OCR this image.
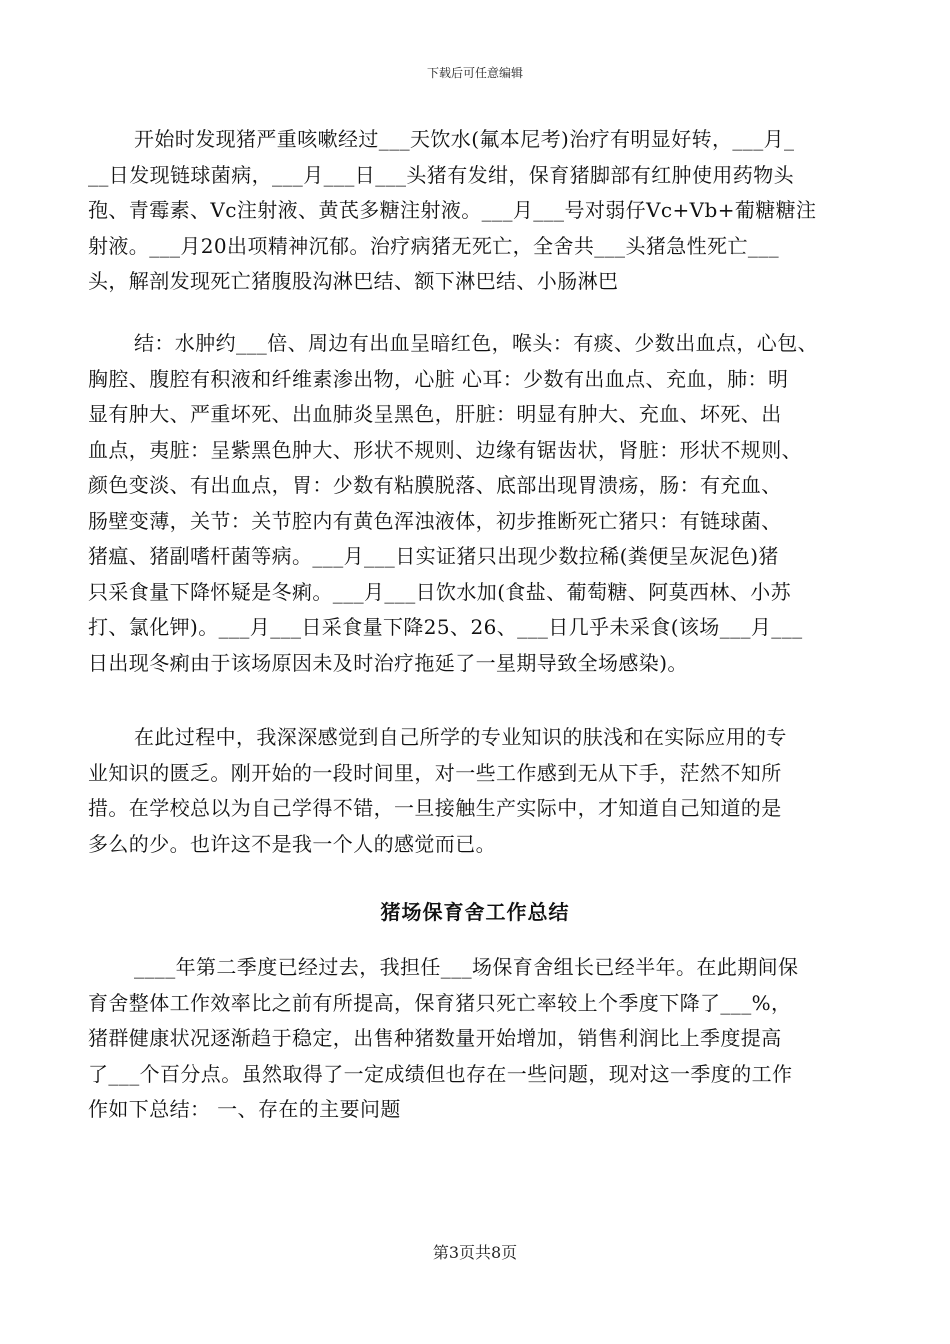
下载后可任意编辑
开始时发现猪严重咳嗽经过___天饮水(氟本尼考)治疗有明显好转，___月_
__日发现链球菌病，___月___日___头猪有发绀，保育猪脚部有红肿使用药物头
孢、青霉素、Vc注射液、黄芪多糖注射液。___月___号对弱仔Vc+Vb+葡糖糖注
射液。___月20出项精神沉郁。治疗病猪无死亡，全舍共___头猪急性死亡___
头，解剖发现死亡猪腹股沟淋巴结、额下淋巴结、小肠淋巴
结：水肿约___倍、周边有出血呈暗红色，喉头：有痰、少数出血点，心包、
胸腔、腹腔有积液和纤维素渗出物，心脏 心耳：少数有出血点、充血，肺：明
显有肿大、严重坏死、出血肺炎呈黑色，肝脏：明显有肿大、充血、坏死、出
血点，夷脏：呈紫黑色肿大、形状不规则、边缘有锯齿状，肾脏：形状不规则、
颜色变淡、有出血点，胃：少数有粘膜脱落、底部出现胃溃疡，肠：有充血、
肠壁变薄，关节：关节腔内有黄色浑浊液体，初步推断死亡猪只：有链球菌、
猪瘟、猪副嗜杆菌等病。___月___日实证猪只出现少数拉稀(粪便呈灰泥色)猪
只采食量下降怀疑是冬痢。___月___日饮水加(食盐、葡萄糖、阿莫西林、小苏
打、氯化钾)。___月___日采食量下降25、26、___日几乎未采食(该场___月___
日出现冬痢由于该场原因未及时治疗拖延了一星期导致全场感染)。
在此过程中，我深深感觉到自己所学的专业知识的肤浅和在实际应用的专
业知识的匮乏。刚开始的一段时间里，对一些工作感到无从下手，茫然不知所
措。在学校总以为自己学得不错，一旦接触生产实际中，才知道自己知道的是
多么的少。也许这不是我一个人的感觉而已。
猪场保育舍工作总结
____年第二季度已经过去，我担任___场保育舍组长已经半年。在此期间保
育舍整体工作效率比之前有所提高，保育猪只死亡率较上个季度下降了___%，
猪群健康状况逐渐趋于稳定，出售种猪数量开始增加，销售利润比上季度提高
了___个百分点。虽然取得了一定成绩但也存在一些问题，现对这一季度的工作
作如下总结： 一、存在的主要问题
第3页共8页
